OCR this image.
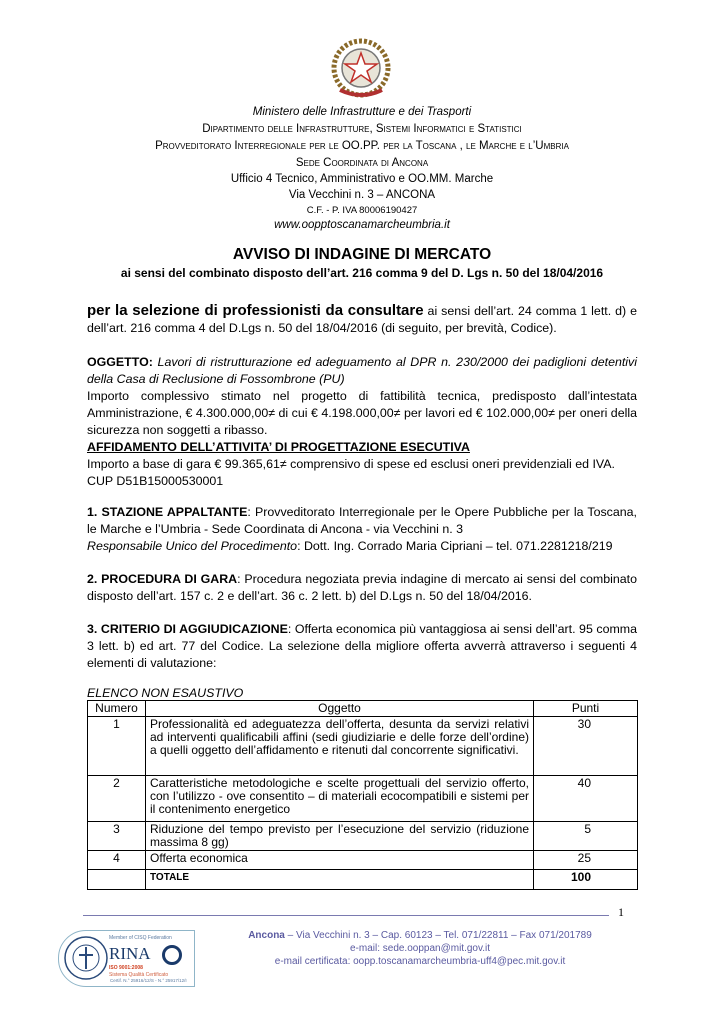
Ministero delle Infrastrutture e dei Trasporti
Dipartimento delle Infrastrutture, Sistemi Informatici e Statistici
Provveditorato Interregionale per le OO.PP. per la Toscana , le Marche e l’Umbria
Sede Coordinata di Ancona
Ufficio 4 Tecnico, Amministrativo e OO.MM. Marche
Via Vecchini n. 3 – ANCONA
C.F. - P. IVA 80006190427
www.oopptoscanamarcheumbria.it
AVVISO DI INDAGINE DI MERCATO
ai sensi del combinato disposto dell’art. 216 comma 9 del D. Lgs n. 50 del 18/04/2016

per la selezione di professionisti da consultare ai sensi dell’art. 24 comma 1 lett. d) e dell’art. 216 comma 4 del D.Lgs n. 50 del 18/04/2016 (di seguito, per brevità, Codice).

OGGETTO: Lavori di ristrutturazione ed adeguamento al DPR n. 230/2000 dei padiglioni detentivi della Casa di Reclusione di Fossombrone (PU)

Importo complessivo stimato nel progetto di fattibilità tecnica, predisposto dall’intestata Amministrazione, € 4.300.000,00≠ di cui € 4.198.000,00≠ per lavori ed € 102.000,00≠ per oneri della sicurezza non soggetti a ribasso.

AFFIDAMENTO DELL’ATTIVITA’ DI PROGETTAZIONE ESECUTIVA

Importo a base di gara € 99.365,61≠ comprensivo di spese ed esclusi oneri previdenziali ed IVA.

CUP D51B15000530001

1. STAZIONE APPALTANTE: Provveditorato Interregionale per le Opere Pubbliche per la Toscana, le Marche e l’Umbria - Sede Coordinata di Ancona - via Vecchini n. 3

Responsabile Unico del Procedimento: Dott. Ing. Corrado Maria Cipriani – tel. 071.2281218/219

2. PROCEDURA DI GARA: Procedura negoziata previa indagine di mercato ai sensi del combinato disposto dell’art. 157 c. 2 e dell’art. 36 c. 2 lett. b) del D.Lgs n. 50 del 18/04/2016.

3. CRITERIO DI AGGIUDICAZIONE: Offerta economica più vantaggiosa ai sensi dell’art. 95 comma 3 lett. b) ed art. 77 del Codice. La selezione della migliore offerta avverrà attraverso i seguenti 4 elementi di valutazione:

ELENCO NON ESAUSTIVO
Numero	Oggetto	Punti
1	Professionalità ed adeguatezza dell’offerta, desunta da servizi relativi ad interventi qualificabili affini (sedi giudiziarie e delle forze dell’ordine) a quelli oggetto dell’affidamento e ritenuti dal concorrente significativi.	30
2	Caratteristiche metodologiche e scelte progettuali del servizio offerto, con l’utilizzo - ove consentito – di materiali ecocompatibili e sistemi per il contenimento energetico	40
3	Riduzione del tempo previsto per l’esecuzione del servizio (riduzione massima 8 gg)	5
4	Offerta economica	25
	TOTALE	100
1
Member of CISQ Federation
RINA
ISO 9001:2008
Sistema Qualità Certificato
Certif. N.° 25916/12/S - N.° 25917/12/I
Ancona – Via Vecchini n. 3 – Cap. 60123 – Tel. 071/22811 – Fax 071/201789
e-mail: sede.ooppan@mit.gov.it
e-mail certificata: oopp.toscanamarcheumbria-uff4@pec.mit.gov.it
